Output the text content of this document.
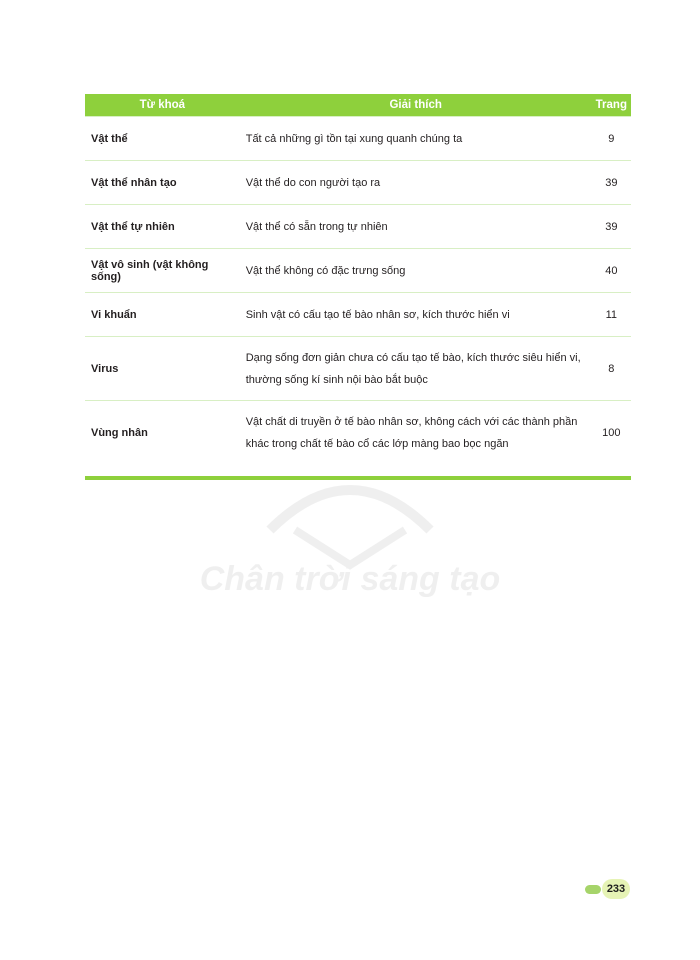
Chân trời sáng tạo
Từ khoá	Giải thích	Trang
Vật thể	Tất cả những gì tồn tại xung quanh chúng ta	9
Vật thể nhân tạo	Vật thể do con người tạo ra	39
Vật thể tự nhiên	Vật thể có sẵn trong tự nhiên	39
Vật vô sinh (vật không sống)	Vật thể không có đặc trưng sống	40
Vi khuẩn	Sinh vật có cấu tạo tế bào nhân sơ, kích thước hiển vi	11
Virus	Dạng sống đơn giản chưa có cấu tạo tế bào, kích thước siêu hiển vi, thường sống kí sinh nội bào bắt buộc	8
Vùng nhân	Vật chất di truyền ở tế bào nhân sơ, không cách với các thành phần khác trong chất tế bào cổ các lớp màng bao bọc ngăn	100
233
